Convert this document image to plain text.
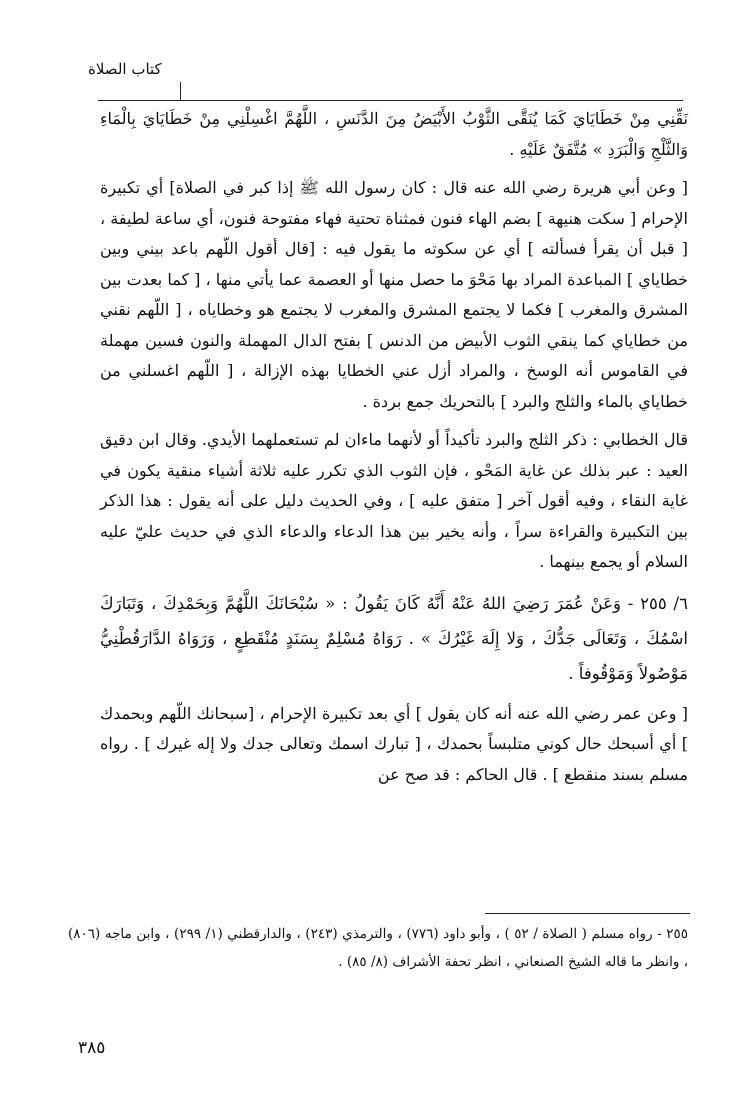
كتاب الصلاة

نَقِّنِي مِنْ خَطَايَايَ كَمَا يُنَقَّى الثَّوْبُ الأَبْيَضُ مِنَ الدَّنَسِ ، اللَّهُمَّ اغْسِلْنِي مِنْ خَطَايَايَ بِالْمَاءِ وَالثَّلْجِ وَالْبَرَدِ » مُتَّفَقٌ عَلَيْهِ .

[ وعن أبي هريرة رضي الله عنه قال : كان رسول الله ﷺ إذا كبر في الصلاة] أي تكبيرة الإحرام [ سكت هنيهة ] بضم الهاء فنون فمثناة تحتية فهاء مفتوحة فنون، أي ساعة لطيفة ، [ قبل أن يقرأ فسألته ] أي عن سكوته ما يقول فيه : [قال أقول اللّهم باعد بيني وبين خطاياي ] المباعدة المراد بها مَحْوَ ما حصل منها أو العصمة عما يأتي منها ، [ كما بعدت بين المشرق والمغرب ] فكما لا يجتمع المشرق والمغرب لا يجتمع هو وخطاياه ، [ اللّهم نقني من خطاياي كما ينقي الثوب الأبيض من الدنس ] بفتح الدال المهملة والنون فسين مهملة في القاموس أنه الوسخ ، والمراد أزل عني الخطايا بهذه الإزالة ، [ اللّهم اغسلني من خطاياي بالماء والثلج والبرد ] بالتحريك جمع بردة .

قال الخطابي : ذكر الثلج والبرد تأكيداً أو لأنهما ماءان لم تستعملهما الأيدي. وقال ابن دقيق العيد : عبر بذلك عن غاية المَحْو ، فإن الثوب الذي تكرر عليه ثلاثة أشياء منقية يكون في غاية النقاء ، وفيه أقول آخر [ متفق عليه ] ، وفي الحديث دليل على أنه يقول : هذا الذكر بين التكبيرة والقراءة سراً ، وأنه يخير بين هذا الدعاء والدعاء الذي في حديث عليّ عليه السلام أو يجمع بينهما .

٦/ ٢٥٥ - وَعَنْ عُمَرَ رَضِيَ اللهُ عَنْهُ أَنَّهُ كَانَ يَقُولُ : « سُبْحَانَكَ اللَّهُمَّ وَبِحَمْدِكَ ، وَتَبَارَكَ اسْمُكَ ، وَتَعَالَى جَدُّكَ ، وَلا إِلَهَ غَيْرُكَ » . رَوَاهُ مُسْلِمٌ بِسَنَدٍ مُنْقَطِعٍ ، وَرَوَاهُ الدَّارَقُطْنِيُّ مَوْصُولاً وَمَوْقُوفاً .

[ وعن عمر رضي الله عنه أنه كان يقول ] أي بعد تكبيرة الإحرام ، [سبحانك اللّهم وبحمدك ] أي أسبحك حال كوني متلبساً بحمدك ، [ تبارك اسمك وتعالى جدك ولا إله غيرك ] . رواه مسلم بسند منقطع ] . قال الحاكم : قد صح عن

٢٥٥ - رواه مسلم ( الصلاة / ٥٢ ) ، وأبو داود (٧٧٦) ، والترمذي (٢٤٣) ، والدارقطني (١/ ٢٩٩) ، وابن ماجه (٨٠٦) ، وانظر ما قاله الشيخ الصنعاني ، انظر تحفة الأشراف (٨/ ٨٥) .

٣٨٥
